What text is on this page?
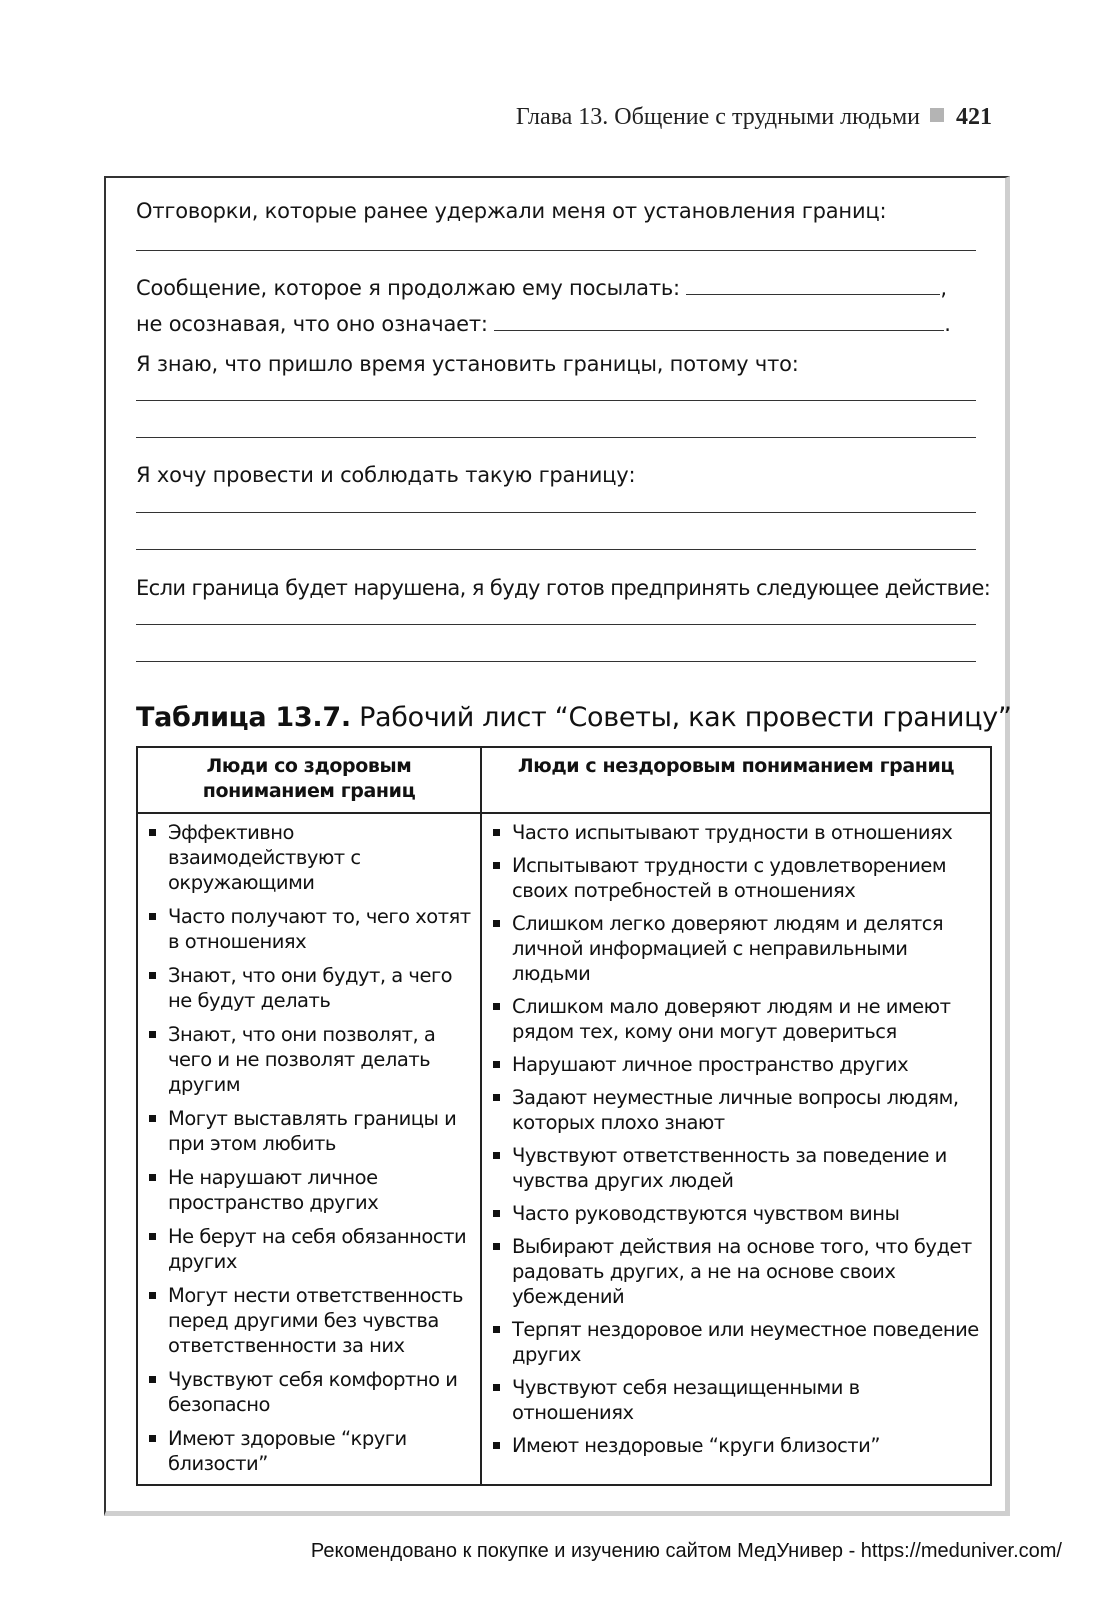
Глава 13. Общение с трудными людьми 421
Отговорки, которые ранее удержали меня от установления границ:
Сообщение, которое я продолжаю ему посылать:	,
не осознавая, что оно означает:	.
Я знаю, что пришло время установить границы, потому что:
Я хочу провести и соблюдать такую границу:
Если граница будет нарушена, я буду готов предпринять следующее действие:
Таблица 13.7. Рабочий лист “Советы, как провести границу”
Люди со здоровым пониманием границ
Люди с нездоровым пониманием границ
Эффективно взаимодействуют с окружающими
Часто получают то, чего хотят в отношениях
Знают, что они будут, а чего не будут делать
Знают, что они позволят, а чего и не позволят делать другим
Могут выставлять границы и при этом любить
Не нарушают личное пространство других
Не берут на себя обязанности других
Могут нести ответственность перед другими без чувства ответственности за них
Чувствуют себя комфортно и безопасно
Имеют здоровые “круги близости”
Часто испытывают трудности в отношениях
Испытывают трудности с удовлетворением своих потребностей в отношениях
Слишком легко доверяют людям и делятся личной информацией с неправильными людьми
Слишком мало доверяют людям и не имеют рядом тех, кому они могут довериться
Нарушают личное пространство других
Задают неуместные личные вопросы людям, которых плохо знают
Чувствуют ответственность за поведение и чувства других людей
Часто руководствуются чувством вины
Выбирают действия на основе того, что будет радовать других, а не на основе своих убеждений
Терпят нездоровое или неуместное поведение других
Чувствуют себя незащищенными в отношениях
Имеют нездоровые “круги близости”
Рекомендовано к покупке и изучению сайтом МедУнивер - https://meduniver.com/
